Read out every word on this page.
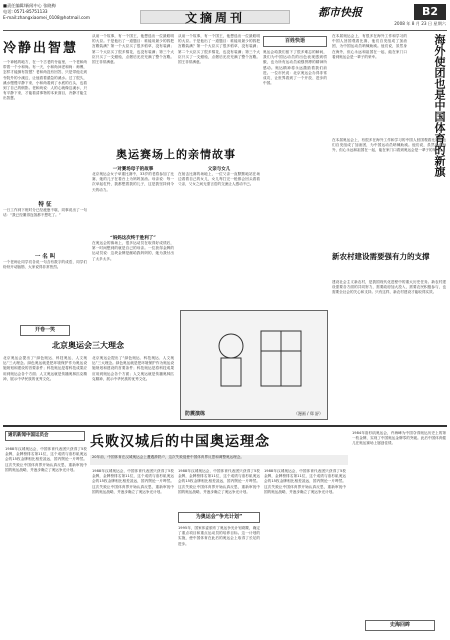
■责任编辑/新闻中心 张晓梅
电话: 0571-85751133
E-mail:zhangxiaomei_0108@hotmail.com	文摘周刊	都市快报	B2
2008 年 8 月 23 日 星期六
冷静出智慧
一个神秘的地方，在一个古老的寺庙里，一个老和尚带着一个小和尚。有一天，小和尚问老和尚：师傅，怎样才能拥有智慧？老和尚没有回答，只是带他走到寺院外的小溪边，让他看着湍急的溪水。过了很久，溪水慢慢平静下来，小和尚看到了水底的石头，也看到了自己的倒影。老和尚说：人的心就像这溪水，只有平静下来，才能看清事物的本来面目，冷静才能生出智慧。
特 征
一日工作到下班时分已经疲惫不堪，同事说出了一句话：“我已经累得连饭都不想吃了。”
一 名 叫
一个老师让同学们各说一句含有数字的成语，同学们纷纷开动脑筋，大家说得非常热烈。
开卷一笑
从前一个故事，有一个国王，他想选出一位最聪明的大臣。于是他出了一道题目：谁能用最少的钱把宫殿装满？第一个大臣买了很多稻草，没有装满；第二个大臣买了很多棉花，也没有装满；第三个大臣只买了一支蜡烛，点燃后光亮充满了整个宫殿。国王非常满意。
从前一个故事，有一个国王，他想选出一位最聪明的大臣。于是他出了一道题目：谁能用最少的钱把宫殿装满？第一个大臣买了很多稻草，没有装满；第二个大臣买了很多棉花，也没有装满；第三个大臣只买了一支蜡烛，点燃后光亮充满了整个宫殿。国王非常满意。
奥运赛场上的亲情故事
一对赛场母子的故事
北京奥运会女子举重比赛中，33岁的老将参加了比赛，她的儿子在看台上为妈妈加油。母亲说：每一次举起杠铃，我都想着我的儿子，这是我坚持到今天的动力。
“妈妈这次终于胜利了”
在奥运会的赛场上，很多运动员在取得好成绩后，第一时间想到的就是自己的母亲。一位获得金牌的运动员说：这块金牌是献给我妈妈的，她为我付出了太多太多。
父亲与女儿
在射击比赛的场地上，一位父亲一直默默地站在场边看着自己的女儿，女儿每打完一枪都会回头看看父亲，父女之间无需言语的交流让人感动不已。
北京奥运会三大理念
北京奥运会提出了“绿色奥运、科技奥运、人文奥运”三大理念。绿色奥运就是把环境保护作为奥运设施规划和建设的首要条件；科技奥运是将科技成果应用到奥运会各个方面；人文奥运就是传播奥林匹克精神，展示中华民族的优秀文化。
北京奥运会提出了“绿色奥运、科技奥运、人文奥运”三大理念。绿色奥运就是把环境保护作为奥运设施规划和建设的首要条件；科技奥运是将科技成果应用到奥运会各个方面；人文奥运就是传播奥林匹克精神，展示中华民族的优秀文化。
百姓快语
奥运会给我们留下了很多难忘的瞬间，我们为中国运动员的出色表现感到骄傲，也为所有运动员顽强拼搏的精神所感动。奥运精神将永远激励着我们前进。一位市民说：北京奥运会办得非常成功，让世界看到了一个开放、进步的中国。
防震演练	（漫画 / 郑 舒）
在本届奥运会上，有很多在海外工作和学习的中国人回国观看比赛，他们自发组成了加油团，为中国运动员呐喊助威。他们说，虽然身在海外，但心永远和祖国在一起，能在家门口看到奥运会是一辈子的荣幸。	海外使团也是中国体育的新旗
在本届奥运会上，有很多在海外工作和学习的中国人回国观看比赛，他们自发组成了加油团，为中国运动员呐喊助威。他们说，虽然身在海外，但心永远和祖国在一起，能在家门口看到奥运会是一辈子的荣幸。
新农村建设需要强有力的支撑
建设社会主义新农村，是我国现代化进程中的重大历史任务。新农村建设需要各方面的共同努力，需要政府加大投入，需要农民积极参与，也需要全社会的关心和支持。只有这样，新农村建设才能取得实效。
通讯新闻中国运员会	兵败汉城后的中国奥运理念
20年前，中国体育在汉城奥运会上遭遇滑铁卢，这次失败促使中国体育界反思和调整奥运理念。
1988年汉城奥运会，中国体育代表团只获得了5枚金牌，金牌榜排名第11位，这个成绩与洛杉矶奥运会的15枚金牌相比相差甚远，国内舆论一片哗然。这次失败让中国体育界开始认真反思，重新审视中国的奥运战略，并逐步确立了奥运争光计划。	1988年汉城奥运会，中国体育代表团只获得了5枚金牌，金牌榜排名第11位，这个成绩与洛杉矶奥运会的15枚金牌相比相差甚远，国内舆论一片哗然。这次失败让中国体育界开始认真反思，重新审视中国的奥运战略，并逐步确立了奥运争光计划。
1988年汉城奥运会，中国体育代表团只获得了5枚金牌，金牌榜排名第11位，这个成绩与洛杉矶奥运会的15枚金牌相比相差甚远，国内舆论一片哗然。这次失败让中国体育界开始认真反思，重新审视中国的奥运战略，并逐步确立了奥运争光计划。
为奥运会“争光计划”
1995年，国家体委颁布了奥运争光计划纲要，确定了重点项目和重点运动员的培养目标。这一计划的实施，使中国体育在此后的奥运会上取得了长足的进步。
1988年汉城奥运会，中国体育代表团只获得了5枚金牌，金牌榜排名第11位，这个成绩与洛杉矶奥运会的15枚金牌相比相差甚远，国内舆论一片哗然。这次失败让中国体育界开始认真反思，重新审视中国的奥运战略，并逐步确立了奥运争光计划。
1984年洛杉矶奥运会，许海峰为中国夺得奥运历史上的第一枚金牌，实现了中国奥运金牌零的突破。此后中国体育健儿在奥运赛场上屡创佳绩。
史海回眸
